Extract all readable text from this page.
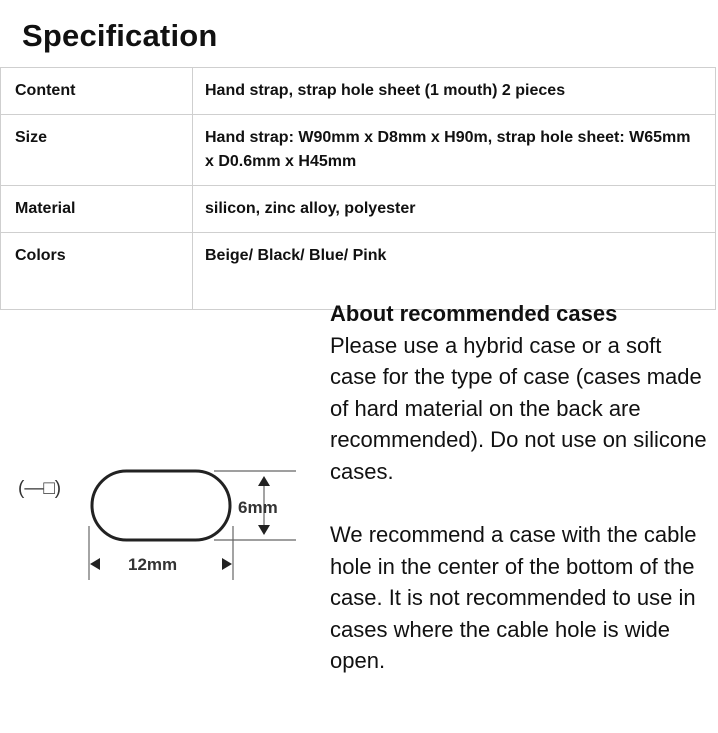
Specification
Content	Hand strap, strap hole sheet (1 mouth) 2 pieces
Size	Hand strap: W90mm x D8mm x H90m, strap hole sheet: W65mm x D0.6mm x H45mm
Material	silicon, zinc alloy, polyester
Colors	Beige/ Black/ Blue/ Pink
(—□)
6mm
12mm
About recommended cases

Please use a hybrid case or a soft case for the type of case (cases made of hard material on the back are recommended). Do not use on silicone cases.

We recommend a case with the cable hole in the center of the bottom of the case. It is not recommended to use in cases where the cable hole is wide open.
